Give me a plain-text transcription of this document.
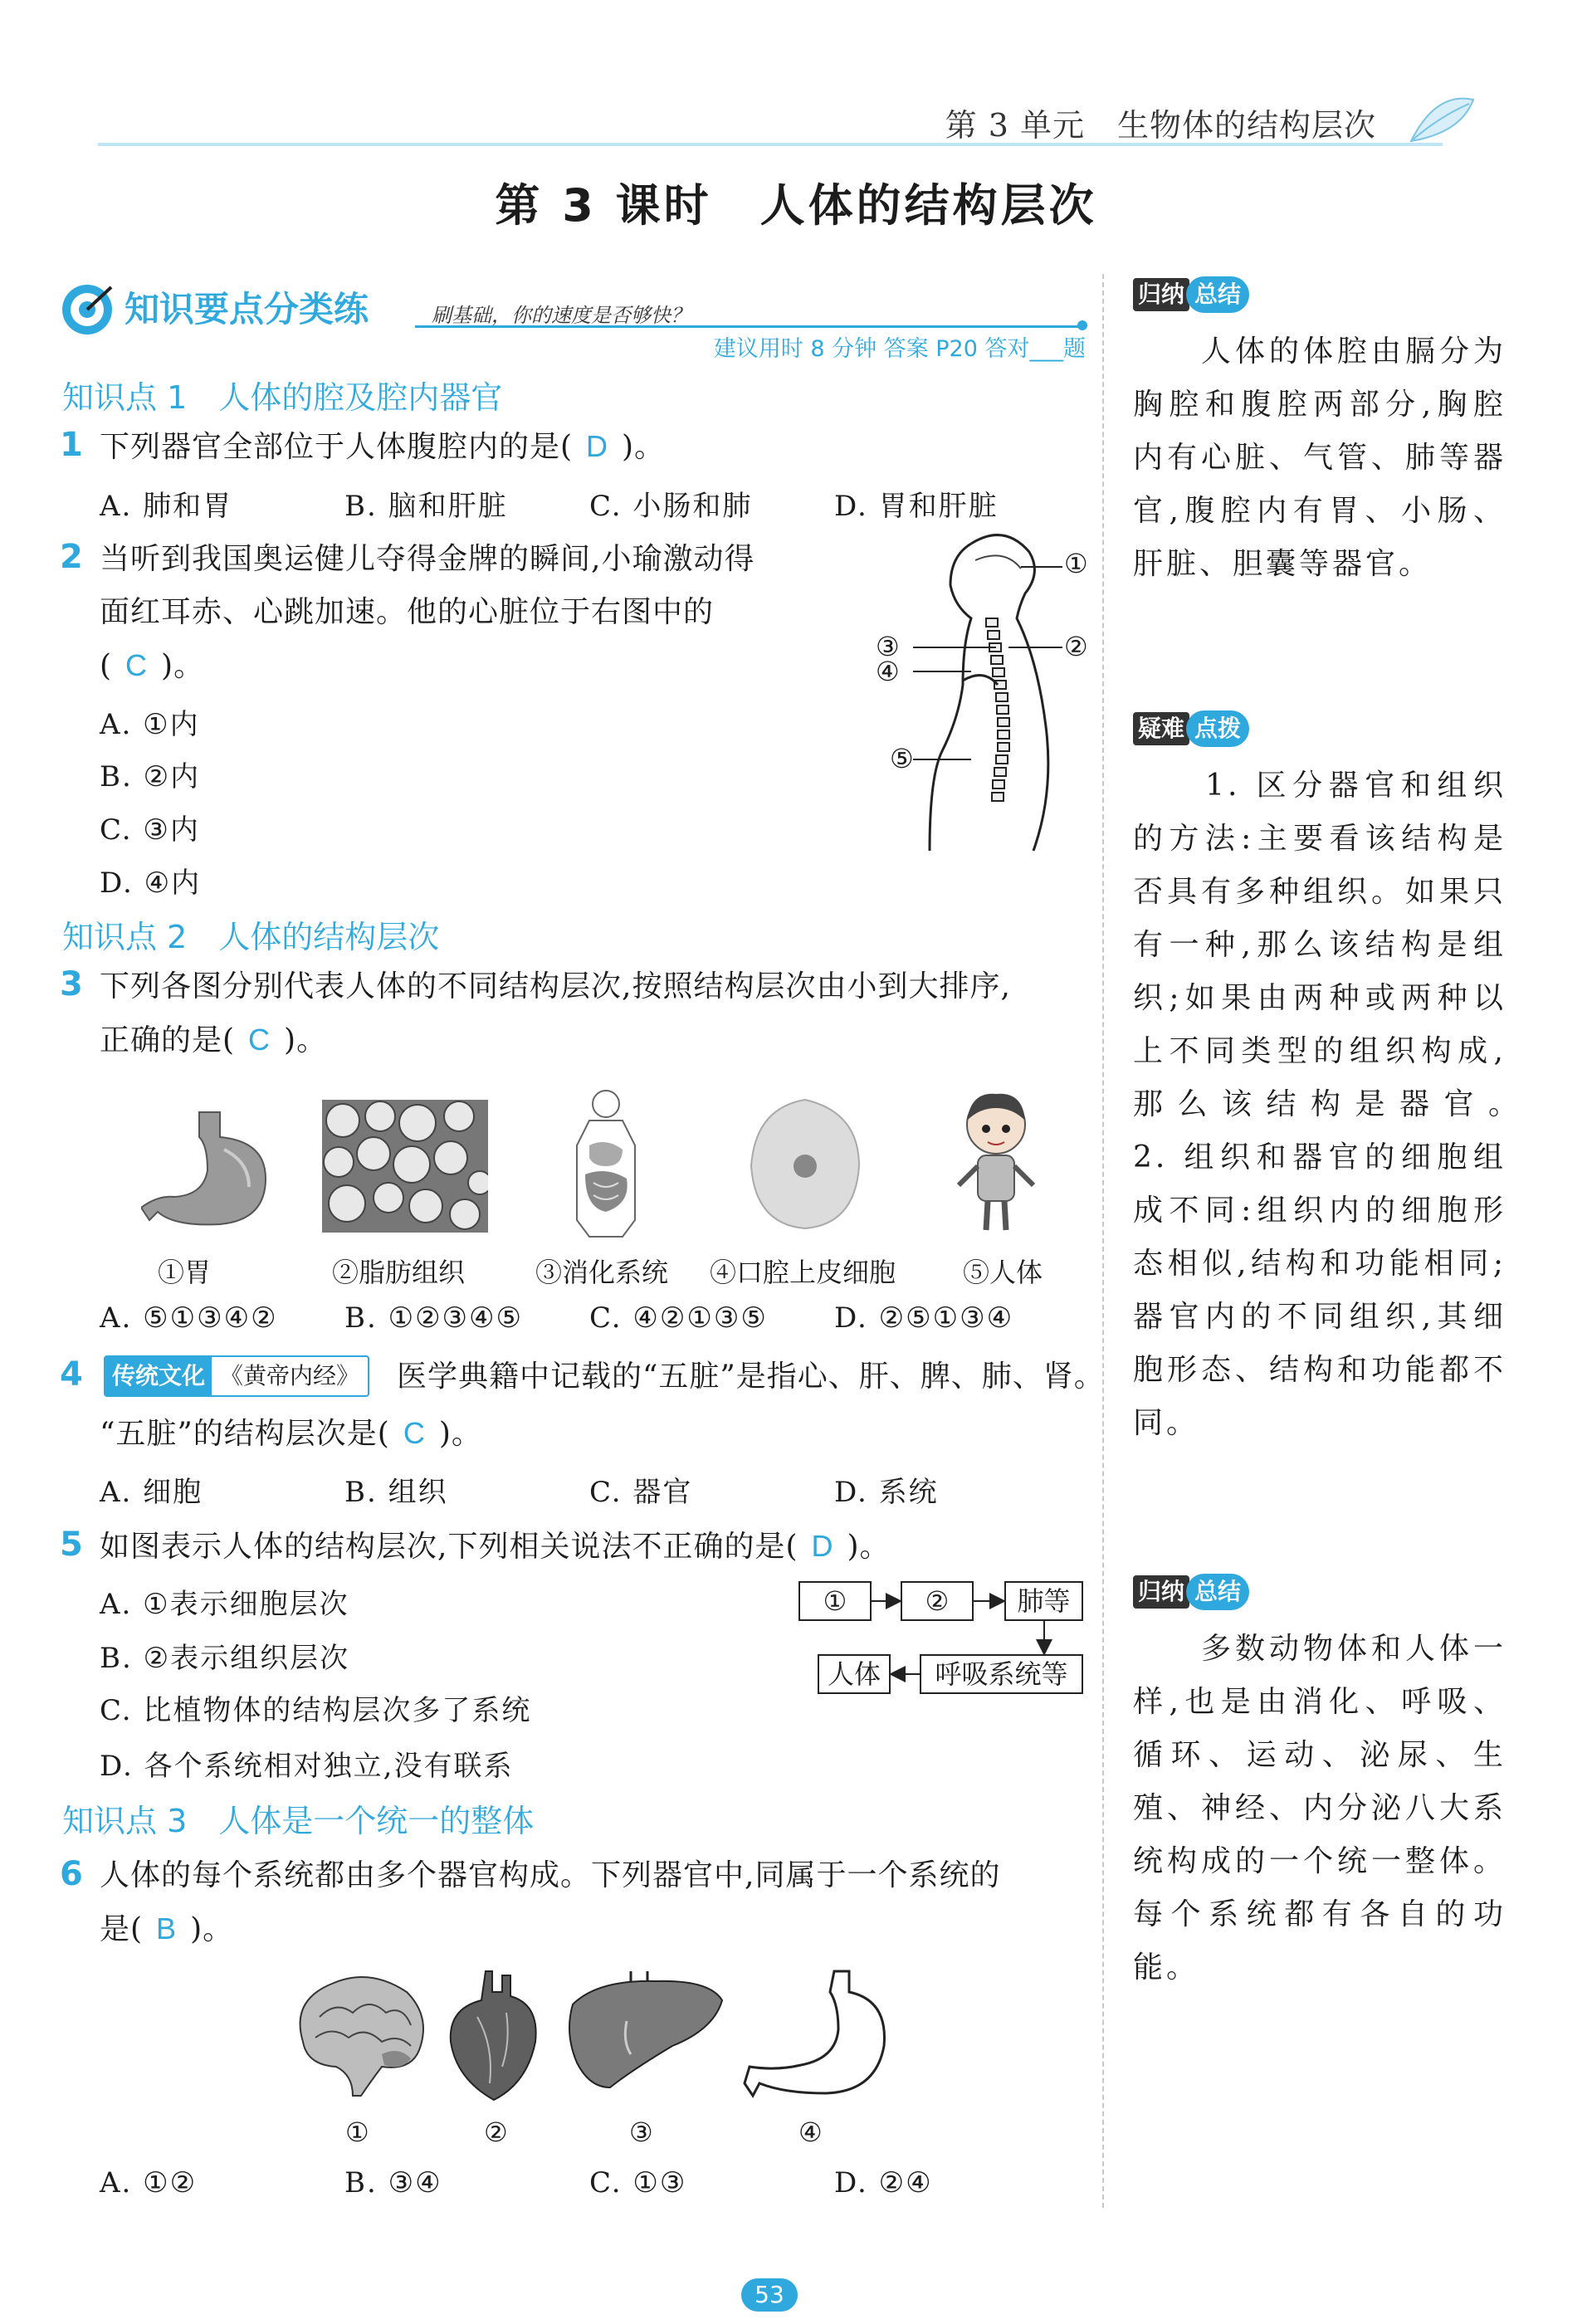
第 3 单元　生物体的结构层次
第 3 课时　人体的结构层次
知识要点分类练	刷基础，你的速度是否够快？
建议用时 8 分钟 答案 P20 答对___题
知识点 1　人体的腔及腔内器官
1 下列器官全部位于人体腹腔内的是( D )。
A. 肺和胃	B. 脑和肝脏	C. 小肠和肺	D. 胃和肝脏
2 当听到我国奥运健儿夺得金牌的瞬间,小瑜激动得
面红耳赤、心跳加速。他的心脏位于右图中的
( C )。
A. ①内
B. ②内
C. ③内
D. ④内
①
②
③
④
⑤
知识点 2　人体的结构层次
3 下列各图分别代表人体的不同结构层次,按照结构层次由小到大排序,
正确的是( C )。
①胃	②脂肪组织	③消化系统 ④口腔上皮细胞	⑤人体
A. ⑤①③④② B. ①②③④⑤ C. ④②①③⑤ D. ②⑤①③④
4 传统文化 《黄帝内经》 医学典籍中记载的“五脏”是指心、肝、脾、肺、肾。
“五脏”的结构层次是( C )。
A. 细胞	B. 组织	C. 器官	D. 系统
5 如图表示人体的结构层次,下列相关说法不正确的是( D )。
A. ①表示细胞层次
B. ②表示组织层次
C. 比植物体的结构层次多了系统
D. 各个系统相对独立,没有联系
①	②	肺等
呼吸系统等
人体
知识点 3　人体是一个统一的整体
6 人体的每个系统都由多个器官构成。下列器官中,同属于一个系统的
是( B )。
①	②	③	④
A. ①②	B. ③④	C. ①③	D. ②④
归纳 总结
　　人体的体腔由膈分为胸腔和腹腔两部分,胸腔内有心脏、气管、肺等器官,腹腔内有胃、小肠、肝脏、胆囊等器官。
疑难 点拨
　　1. 区分器官和组织的方法:主要看该结构是否具有多种组织。如果只有一种,那么该结构是组织;如果由两种或两种以上不同类型的组织构成,那么该结构是器官。　　2. 组织和器官的细胞组成不同:组织内的细胞形态相似,结构和功能相同;器官内的不同组织,其细胞形态、结构和功能都不同。
归纳 总结
　　多数动物体和人体一样,也是由消化、呼吸、循环、运动、泌尿、生殖、神经、内分泌八大系统构成的一个统一整体。每个系统都有各自的功能。
53
